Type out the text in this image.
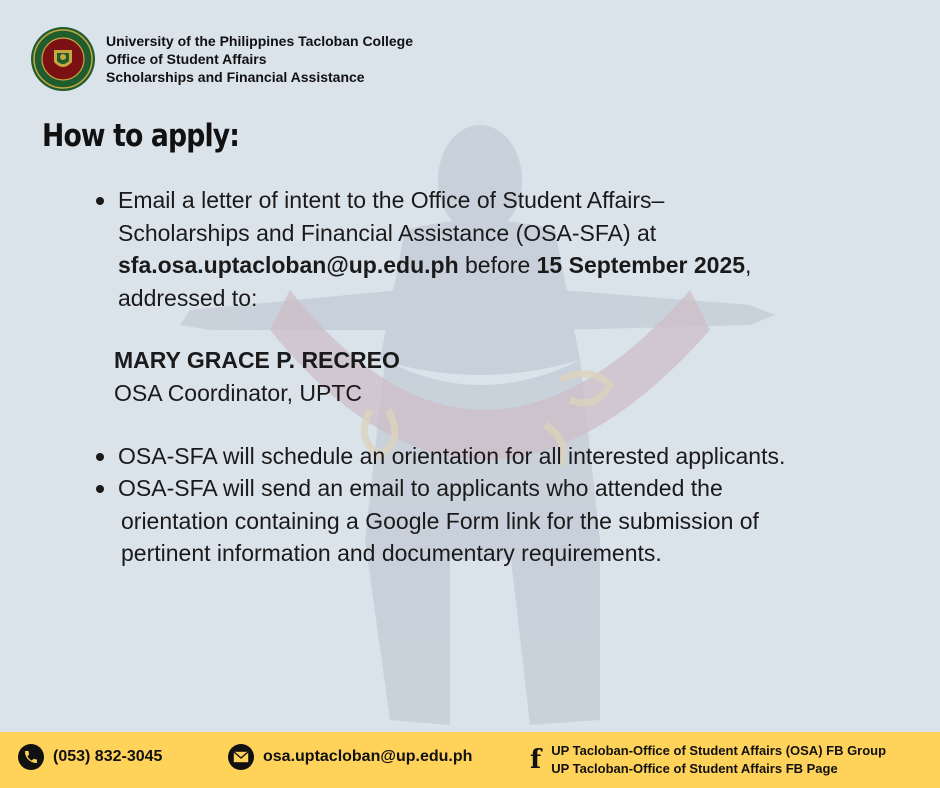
University of the Philippines Tacloban College
Office of Student Affairs
Scholarships and Financial Assistance
How to apply:
Email a letter of intent to the Office of Student Affairs–
Scholarships and Financial Assistance (OSA-SFA) at
sfa.osa.uptacloban@up.edu.ph before 15 September 2025,
addressed to:
MARY GRACE P. RECREO
OSA Coordinator, UPTC
OSA-SFA will schedule an orientation for all interested applicants.
OSA-SFA will send an email to applicants who attended the
orientation containing a Google Form link for the submission of
pertinent information and documentary requirements.
(053) 832-3045	osa.uptacloban@up.edu.ph f UP Tacloban-Office of Student Affairs (OSA) FB Group
UP Tacloban-Office of Student Affairs FB Page
